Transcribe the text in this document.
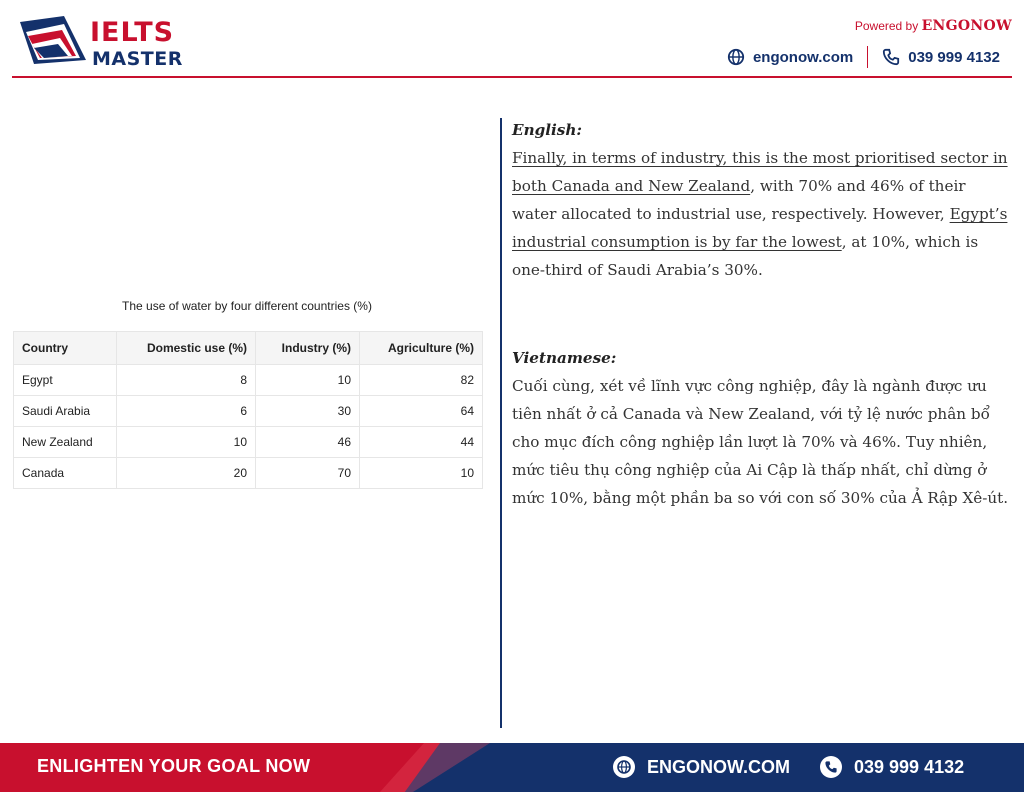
IELTS
MASTER
Powered by ENGONOW
engonow.com	039 999 4132
The use of water by four different countries (%)
Country	Domestic use (%)	Industry (%)	Agriculture (%)
Egypt	8	10	82
Saudi Arabia	6	30	64
New Zealand	10	46	44
Canada	20	70	10

English:

Finally, in terms of industry, this is the most prioritised sector in both Canada and New Zealand, with 70% and 46% of their water allocated to industrial use, respectively. However, Egypt’s industrial consumption is by far the lowest, at 10%, which is one-third of Saudi Arabia’s 30%.

Vietnamese:

Cuối cùng, xét về lĩnh vực công nghiệp, đây là ngành được ưu tiên nhất ở cả Canada và New Zealand, với tỷ lệ nước phân bổ cho mục đích công nghiệp lần lượt là 70% và 46%. Tuy nhiên, mức tiêu thụ công nghiệp của Ai Cập là thấp nhất, chỉ dừng ở mức 10%, bằng một phần ba so với con số 30% của Ả Rập Xê-út.

ENLIGHTEN YOUR GOAL NOW	ENGONOW.COM	039 999 4132
